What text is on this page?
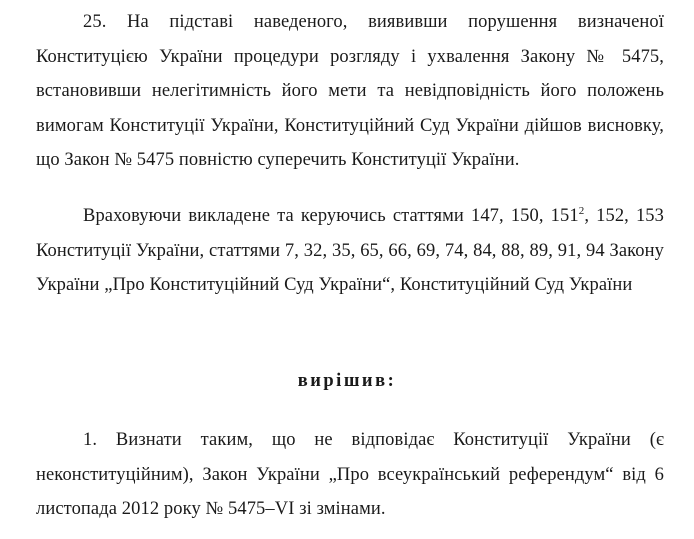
25. На підставі наведеного, виявивши порушення визначеної Конституцією України процедури розгляду і ухвалення Закону № 5475, встановивши нелегітимність його мети та невідповідність його положень вимогам Конституції України, Конституційний Суд України дійшов висновку, що Закон № 5475 повністю суперечить Конституції України.

Враховуючи викладене та керуючись статтями 147, 150, $151^2$, 152, 153 Конституції України, статтями 7, 32, 35, 65, 66, 69, 74, 84, 88, 89, 91, 94 Закону України „Про Конституційний Суд України“, Конституційний Суд України

вирішив:

1. Визнати таким, що не відповідає Конституції України (є неконституційним), Закон України „Про всеукраїнський референдум“ від 6 листопада 2012 року № 5475–VI зі змінами.
